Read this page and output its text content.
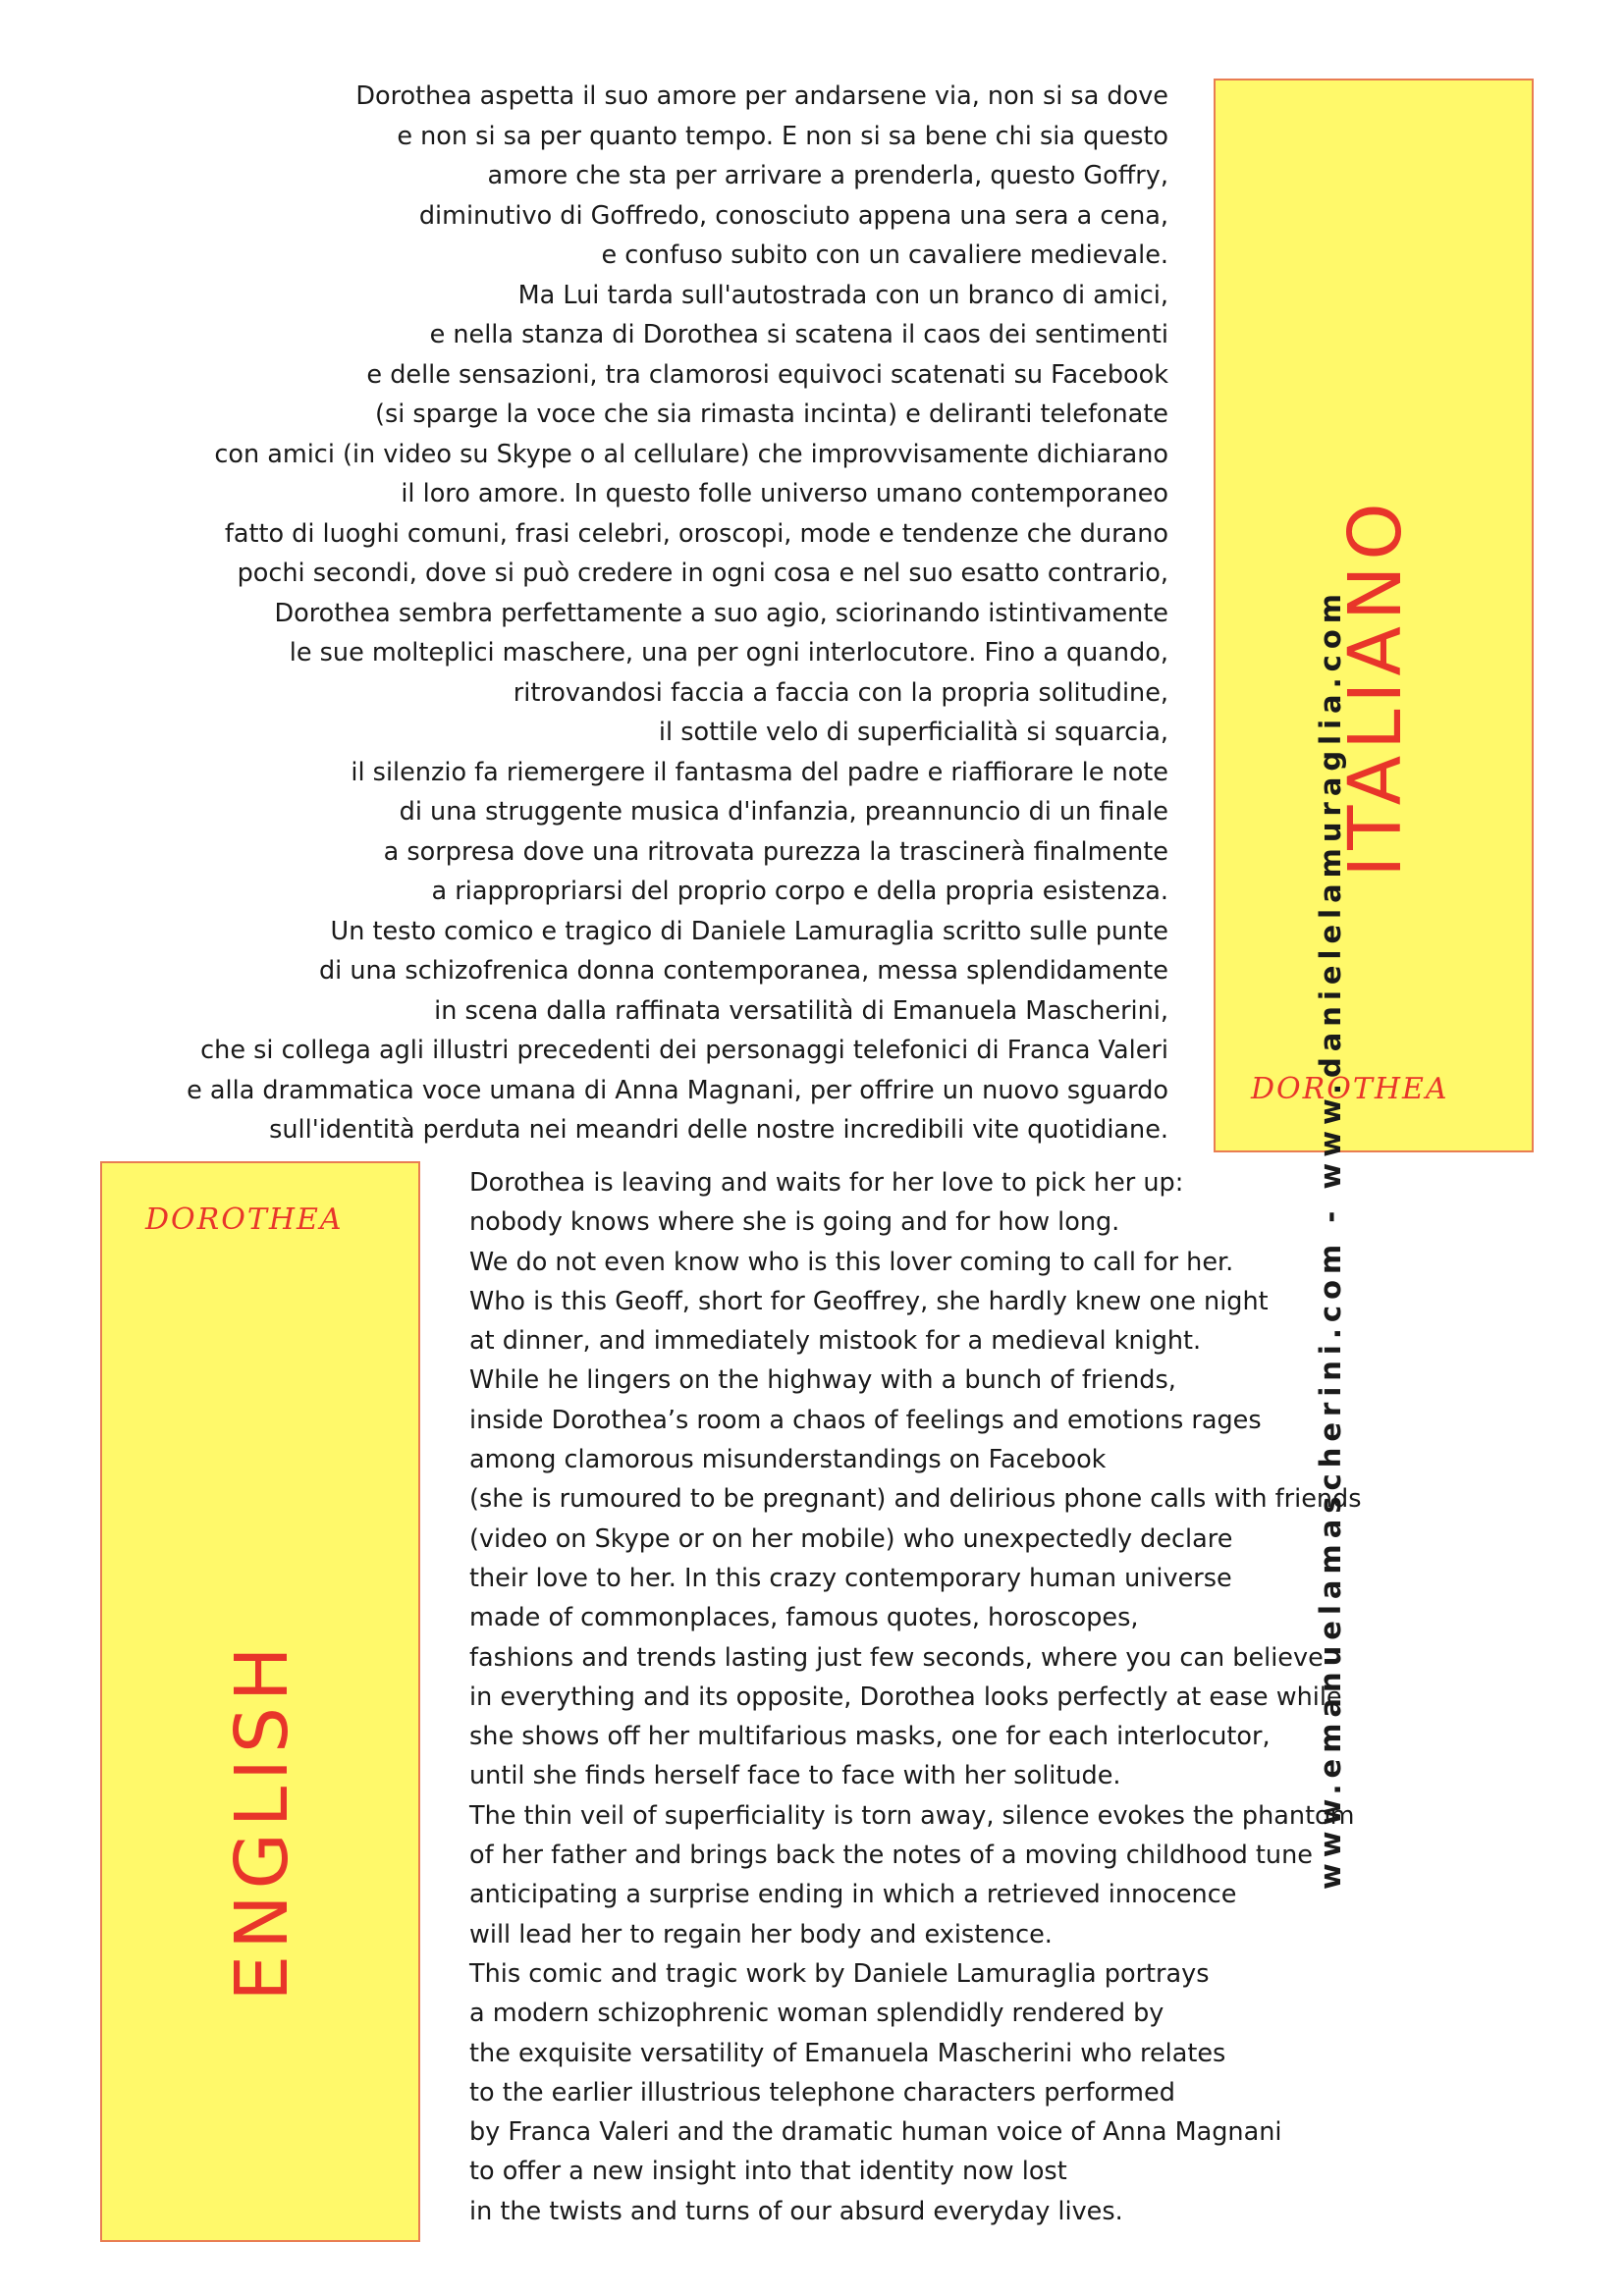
Dorothea aspetta il suo amore per andarsene via, non si sa dove
e non si sa per quanto tempo. E non si sa bene chi sia questo
amore che sta per arrivare a prenderla, questo Goffry,
diminutivo di Goffredo, conosciuto appena una sera a cena,
e confuso subito con un cavaliere medievale.
Ma Lui tarda sull'autostrada con un branco di amici,
e nella stanza di Dorothea si scatena il caos dei sentimenti
e delle sensazioni, tra clamorosi equivoci scatenati su Facebook
(si sparge la voce che sia rimasta incinta) e deliranti telefonate
con amici (in video su Skype o al cellulare) che improvvisamente dichiarano
il loro amore. In questo folle universo umano contemporaneo
fatto di luoghi comuni, frasi celebri, oroscopi, mode e tendenze che durano
pochi secondi, dove si può credere in ogni cosa e nel suo esatto contrario,
Dorothea sembra perfettamente a suo agio, sciorinando istintivamente
le sue molteplici maschere, una per ogni interlocutore. Fino a quando,
ritrovandosi faccia a faccia con la propria solitudine,
il sottile velo di superficialità si squarcia,
il silenzio fa riemergere il fantasma del padre e riaffiorare le note
di una struggente musica d'infanzia, preannuncio di un finale
a sorpresa dove una ritrovata purezza la trascinerà finalmente
a riappropriarsi del proprio corpo e della propria esistenza.
Un testo comico e tragico di Daniele Lamuraglia scritto sulle punte
di una schizofrenica donna contemporanea, messa splendidamente
in scena dalla raffinata versatilità di Emanuela Mascherini,
che si collega agli illustri precedenti dei personaggi telefonici di Franca Valeri
e alla drammatica voce umana di Anna Magnani, per offrire un nuovo sguardo
sull'identità perduta nei meandri delle nostre incredibili vite quotidiane.
ITALIANO
DOROTHEA
DOROTHEA
ENGLISH
Dorothea is leaving and waits for her love to pick her up:
nobody knows where she is going and for how long.
We do not even know who is this lover coming to call for her.
Who is this Geoff, short for Geoffrey, she hardly knew one night
at dinner, and immediately mistook for a medieval knight.
While he lingers on the highway with a bunch of friends,
inside Dorothea’s room a chaos of feelings and emotions rages
among clamorous misunderstandings on Facebook
(she is rumoured to be pregnant) and delirious phone calls with friends
(video on Skype or on her mobile) who unexpectedly declare
their love to her. In this crazy contemporary human universe
made of commonplaces, famous quotes, horoscopes,
fashions and trends lasting just few seconds, where you can believe
in everything and its opposite, Dorothea looks perfectly at ease while
she shows off her multifarious masks, one for each interlocutor,
until she finds herself face to face with her solitude.
The thin veil of superficiality is torn away, silence evokes the phantom
of her father and brings back the notes of a moving childhood tune
anticipating a surprise ending in which a retrieved innocence
will lead her to regain her body and existence.
This comic and tragic work by Daniele Lamuraglia portrays
a modern schizophrenic woman splendidly rendered by
the exquisite versatility of Emanuela Mascherini who relates
to the earlier illustrious telephone characters performed
by Franca Valeri and the dramatic human voice of Anna Magnani
to offer a new insight into that identity now lost
in the twists and turns of our absurd everyday lives.
www.emanuelamascherini.com - www.danielelamuraglia.com
